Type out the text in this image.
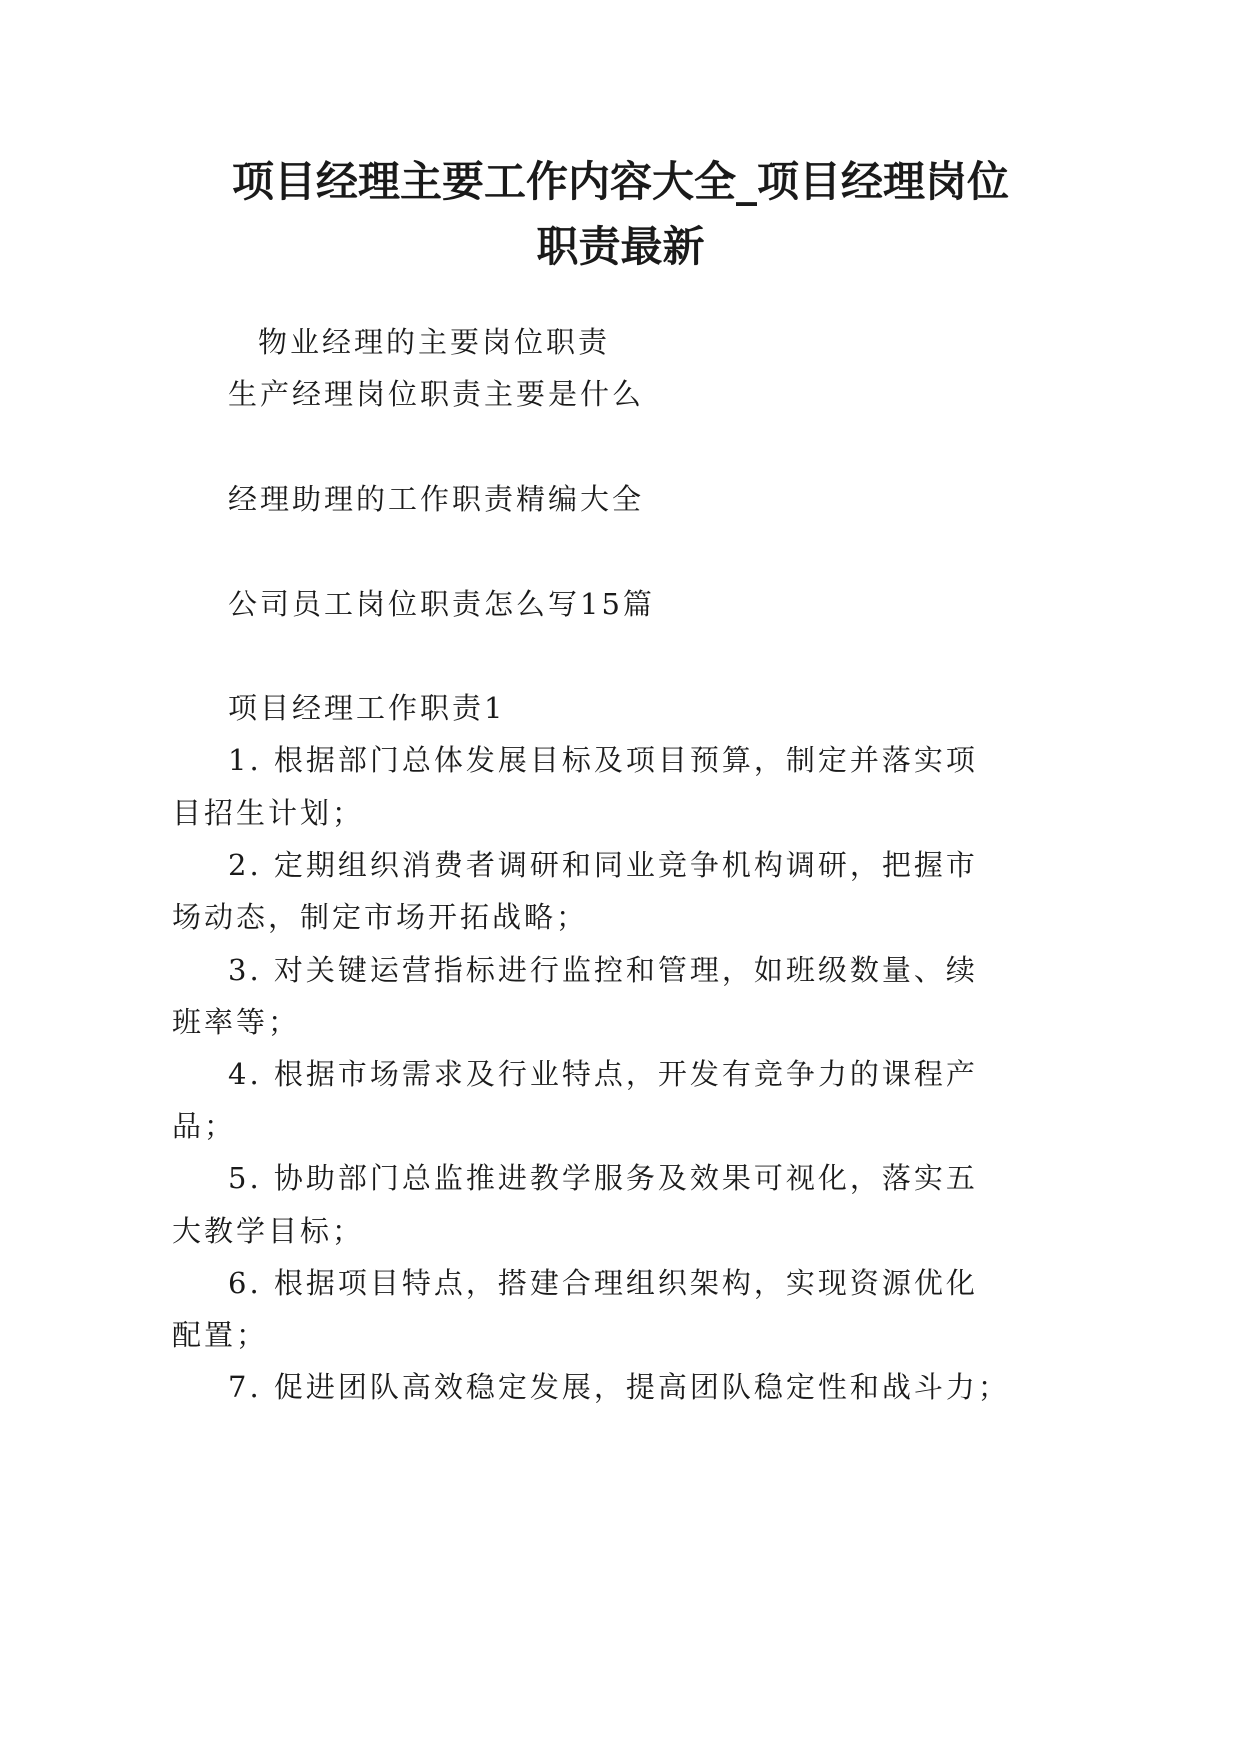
项目经理主要工作内容大全_项目经理岗位
职责最新
物业经理的主要岗位职责
生产经理岗位职责主要是什么
经理助理的工作职责精编大全
公司员工岗位职责怎么写15篇
项目经理工作职责1
1. 根据部门总体发展目标及项目预算，制定并落实项
目招生计划；
2. 定期组织消费者调研和同业竞争机构调研，把握市
场动态，制定市场开拓战略；
3. 对关键运营指标进行监控和管理，如班级数量、续
班率等；
4. 根据市场需求及行业特点，开发有竞争力的课程产
品；
5. 协助部门总监推进教学服务及效果可视化，落实五
大教学目标；
6. 根据项目特点，搭建合理组织架构，实现资源优化
配置；
7. 促进团队高效稳定发展，提高团队稳定性和战斗力；
